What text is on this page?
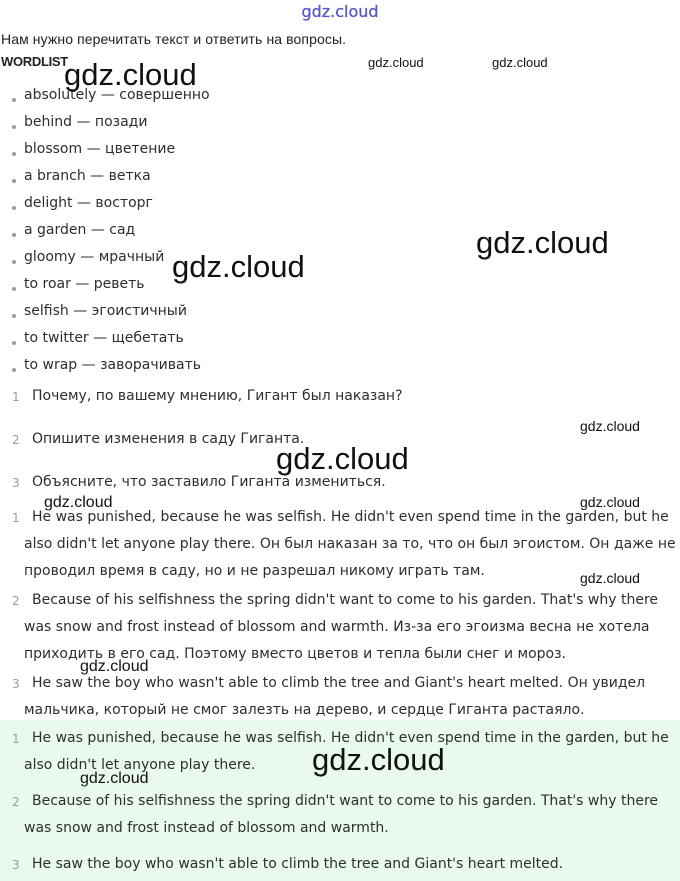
gdz.cloud
Нам нужно перечитать текст и ответить на вопросы.
WORDLIST
absolutely — совершенно
behind — позади
blossom — цветение
a branch — ветка
delight — восторг
a garden — сад
gloomy — мрачный
to roar — реветь
selfish — эгоистичный
to twitter — щебетать
to wrap — заворачивать
1 Почему, по вашему мнению, Гигант был наказан?
2 Опишите изменения в саду Гиганта.
3 Объясните, что заставило Гиганта измениться.
1 He was punished, because he was selfish. He didn't even spend time in the garden, but he also didn't let anyone play there. Он был наказан за то, что он был эгоистом. Он даже не проводил время в саду, но и не разрешал никому играть там.

2 Because of his selfishness the spring didn't want to come to his garden. That's why there was snow and frost instead of blossom and warmth. Из-за его эгоизма весна не хотела приходить в его сад. Поэтому вместо цветов и тепла были снег и мороз.

3 He saw the boy who wasn't able to climb the tree and Giant's heart melted. Он увидел мальчика, который не смог залезть на дерево, и сердце Гиганта растаяло.

1 He was punished, because he was selfish. He didn't even spend time in the garden, but he also didn't let anyone play there.

2 Because of his selfishness the spring didn't want to come to his garden. That's why there was snow and frost instead of blossom and warmth.

3 He saw the boy who wasn't able to climb the tree and Giant's heart melted.

gdz.cloud	gdz.cloud	gdz.cloud
gdz.cloud
gdz.cloud
gdz.cloud
gdz.cloud
gdz.cloud	gdz.cloud
gdz.cloud
gdz.cloud
gdz.cloud
gdz.cloud
